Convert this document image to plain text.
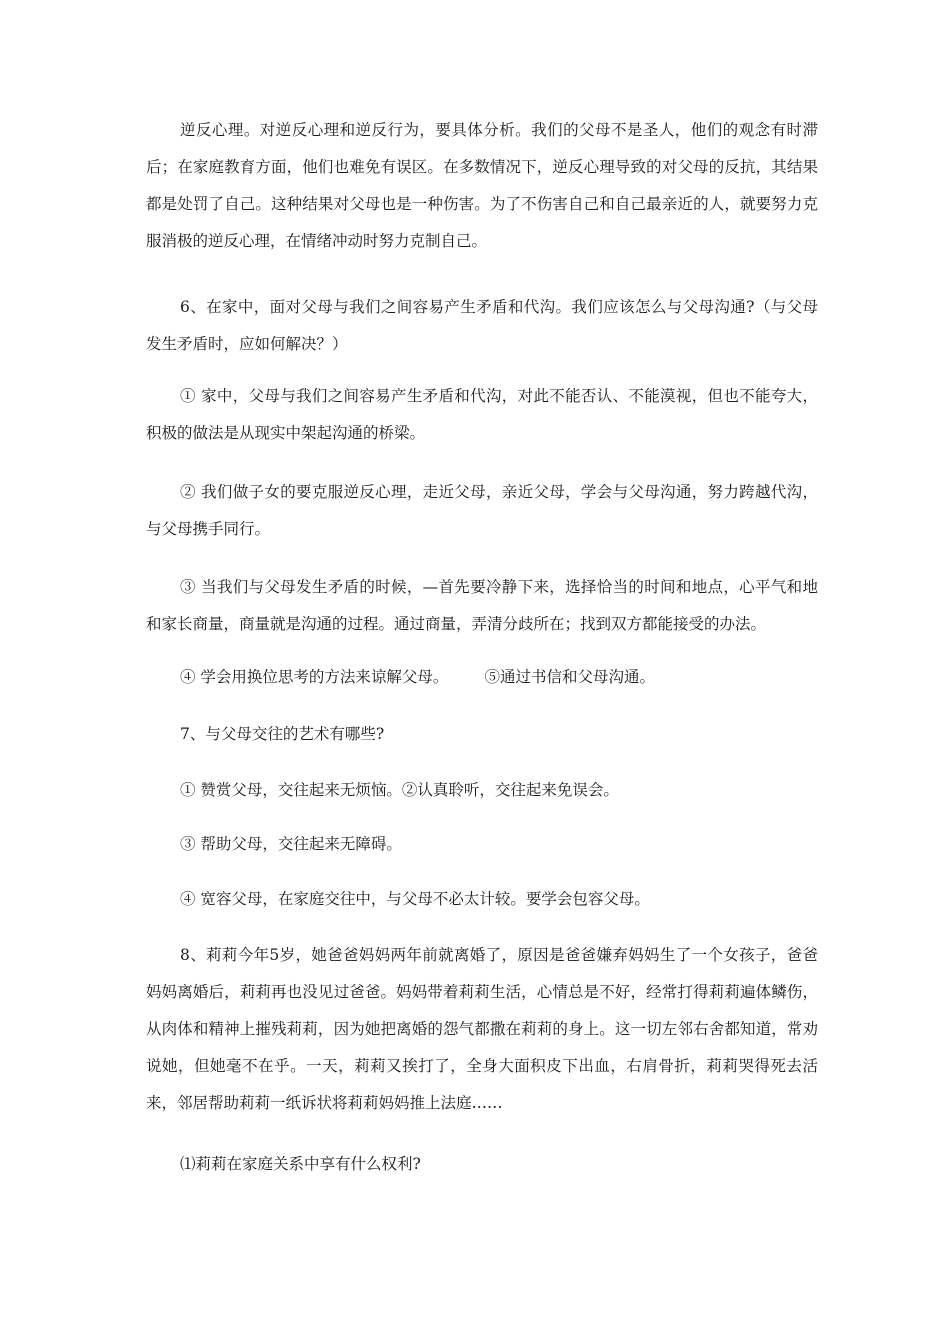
逆反心理。对逆反心理和逆反行为，要具体分析。我们的父母不是圣人，他们的观念有时滞后；在家庭教育方面，他们也难免有误区。在多数情况下，逆反心理导致的对父母的反抗，其结果都是处罚了自己。这种结果对父母也是一种伤害。为了不伤害自己和自己最亲近的人，就要努力克服消极的逆反心理，在情绪冲动时努力克制自己。

6、在家中，面对父母与我们之间容易产生矛盾和代沟。我们应该怎么与父母沟通?（与父母发生矛盾时，应如何解决？）

① 家中，父母与我们之间容易产生矛盾和代沟，对此不能否认、不能漠视，但也不能夸大，积极的做法是从现实中架起沟通的桥梁。

② 我们做子女的要克服逆反心理，走近父母，亲近父母，学会与父母沟通，努力跨越代沟，与父母携手同行。

③ 当我们与父母发生矛盾的时候，—首先要冷静下来，选择恰当的时间和地点，心平气和地和家长商量，商量就是沟通的过程。通过商量，弄清分歧所在；找到双方都能接受的办法。

④ 学会用换位思考的方法来谅解父母。 ⑤通过书信和父母沟通。

7、与父母交往的艺术有哪些?

① 赞赏父母，交往起来无烦恼。②认真聆听，交往起来免误会。

③ 帮助父母，交往起来无障碍。

④ 宽容父母，在家庭交往中，与父母不必太计较。要学会包容父母。

8、莉莉今年5岁，她爸爸妈妈两年前就离婚了，原因是爸爸嫌弃妈妈生了一个女孩子，爸爸妈妈离婚后，莉莉再也没见过爸爸。妈妈带着莉莉生活，心情总是不好，经常打得莉莉遍体鳞伤，从肉体和精神上摧残莉莉，因为她把离婚的怨气都撒在莉莉的身上。这一切左邻右舍都知道，常劝说她，但她毫不在乎。一天，莉莉又挨打了，全身大面积皮下出血，右肩骨折，莉莉哭得死去活来，邻居帮助莉莉一纸诉状将莉莉妈妈推上法庭……

⑴莉莉在家庭关系中享有什么权利?
